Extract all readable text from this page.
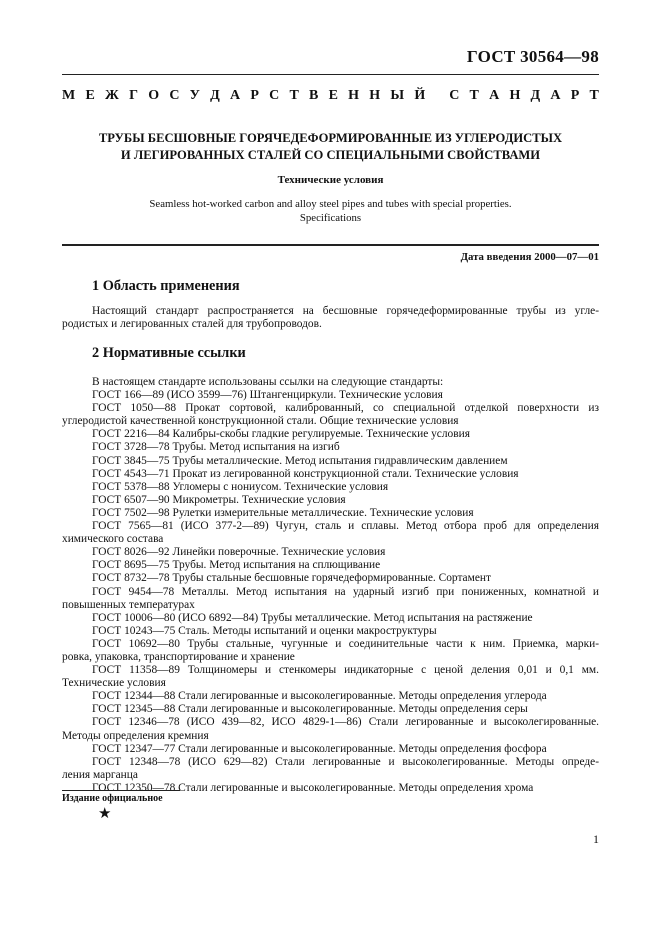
ГОСТ 30564—98
М Е Ж Г О С У Д А Р С Т В Е Н Н Ы Й
С Т А Н Д А Р Т
ТРУБЫ БЕСШОВНЫЕ ГОРЯЧЕДЕФОРМИРОВАННЫЕ ИЗ УГЛЕРОДИСТЫХ
И ЛЕГИРОВАННЫХ СТАЛЕЙ СО СПЕЦИАЛЬНЫМИ СВОЙСТВАМИ
Технические условия
Seamless hot-worked carbon and alloy steel pipes and tubes with special properties.
Specifications
Дата введения 2000—07—01
1 Область применения
Настоящий стандарт распространяется на бесшовные горячедеформированные трубы из угле-
родистых и легированных сталей для трубопроводов.
2 Нормативные ссылки
В настоящем стандарте использованы ссылки на следующие стандарты:
ГОСТ 166—89 (ИСО 3599—76) Штангенциркули. Технические условия
ГОСТ 1050—88 Прокат сортовой, калиброванный, со специальной отделкой поверхности из
углеродистой качественной конструкционной стали. Общие технические условия
ГОСТ 2216—84 Калибры-скобы гладкие регулируемые. Технические условия
ГОСТ 3728—78 Трубы. Метод испытания на изгиб
ГОСТ 3845—75 Трубы металлические. Метод испытания гидравлическим давлением
ГОСТ 4543—71 Прокат из легированной конструкционной стали. Технические условия
ГОСТ 5378—88 Угломеры с нониусом. Технические условия
ГОСТ 6507—90 Микрометры. Технические условия
ГОСТ 7502—98 Рулетки измерительные металлические. Технические условия
ГОСТ 7565—81 (ИСО 377-2—89) Чугун, сталь и сплавы. Метод отбора проб для определения
химического состава
ГОСТ 8026—92 Линейки поверочные. Технические условия
ГОСТ 8695—75 Трубы. Метод испытания на сплющивание
ГОСТ 8732—78 Трубы стальные бесшовные горячедеформированные. Сортамент
ГОСТ 9454—78 Металлы. Метод испытания на ударный изгиб при пониженных, комнатной и
повышенных температурах
ГОСТ 10006—80 (ИСО 6892—84) Трубы металлические. Метод испытания на растяжение
ГОСТ 10243—75 Сталь. Методы испытаний и оценки макроструктуры
ГОСТ 10692—80 Трубы стальные, чугунные и соединительные части к ним. Приемка, марки-
ровка, упаковка, транспортирование и хранение
ГОСТ 11358—89 Толщиномеры и стенкомеры индикаторные с ценой деления 0,01 и 0,1 мм.
Технические условия
ГОСТ 12344—88 Стали легированные и высоколегированные. Методы определения углерода
ГОСТ 12345—88 Стали легированные и высоколегированные. Методы определения серы
ГОСТ 12346—78 (ИСО 439—82, ИСО 4829-1—86) Стали легированные и высоколегированные.
Методы определения кремния
ГОСТ 12347—77 Стали легированные и высоколегированные. Методы определения фосфора
ГОСТ 12348—78 (ИСО 629—82) Стали легированные и высоколегированные. Методы опреде-
ления марганца
ГОСТ 12350—78 Стали легированные и высоколегированные. Методы определения хрома
Издание официальное
★
1
